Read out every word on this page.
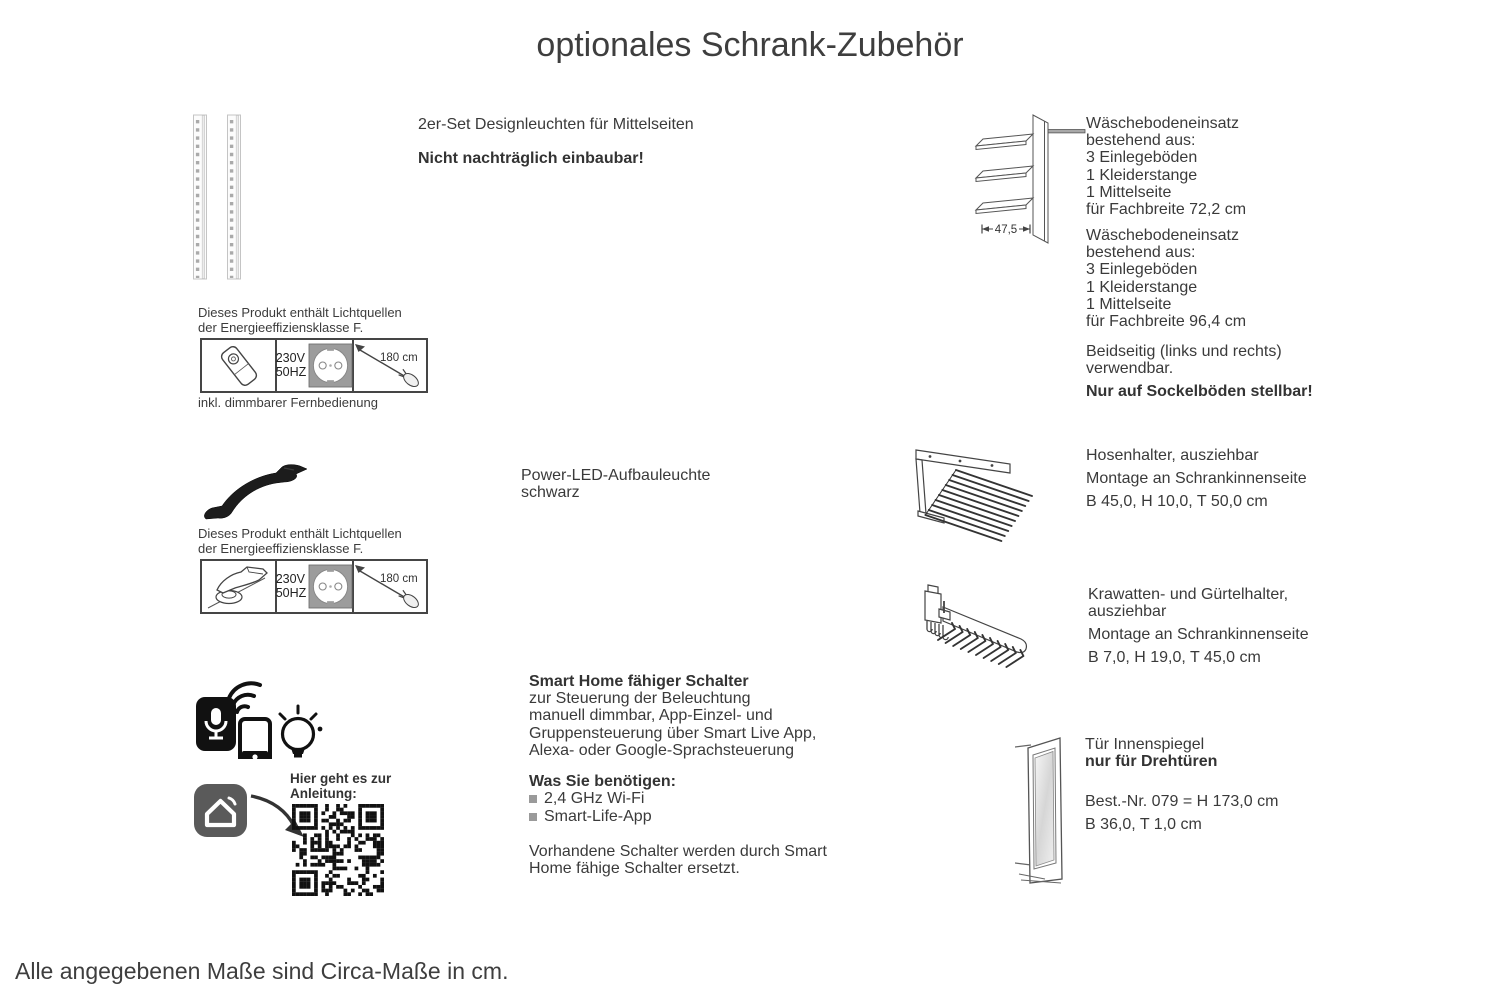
optionales Schrank-Zubehör
2er-Set Designleuchten für Mittelseiten
Nicht nachträglich einbaubar!
Dieses Produkt enthält Lichtquellen
der Energieeffiziensklasse F.
230V
50HZ
180 cm
inkl. dimmbarer Fernbedienung
Power-LED-Aufbauleuchte
schwarz
Dieses Produkt enthält Lichtquellen
der Energieeffiziensklasse F.
230V
50HZ
180 cm
Hier geht es zur
Anleitung:
Smart Home fähiger Schalter
zur Steuerung der Beleuchtung
manuell dimmbar, App-Einzel- und
Gruppensteuerung über Smart Live App,
Alexa- oder Google-Sprachsteuerung
Was Sie benötigen:
2,4 GHz Wi-Fi
Smart-Life-App
Vorhandene Schalter werden durch Smart
Home fähige Schalter ersetzt.
47,5
Wäschebodeneinsatz
bestehend aus:
3 Einlegeböden
1 Kleiderstange
1 Mittelseite
für Fachbreite 72,2 cm
Wäschebodeneinsatz
bestehend aus:
3 Einlegeböden
1 Kleiderstange
1 Mittelseite
für Fachbreite 96,4 cm
Beidseitig (links und rechts)
verwendbar.
Nur auf Sockelböden stellbar!
Hosenhalter, ausziehbar
Montage an Schrankinnenseite
B 45,0, H 10,0, T 50,0 cm
Krawatten- und Gürtelhalter,
ausziehbar
Montage an Schrankinnenseite
B 7,0, H 19,0, T 45,0 cm
Tür Innenspiegel
nur für Drehtüren
Best.-Nr. 079 = H 173,0 cm
B 36,0, T 1,0 cm
Alle angegebenen Maße sind Circa-Maße in cm.
